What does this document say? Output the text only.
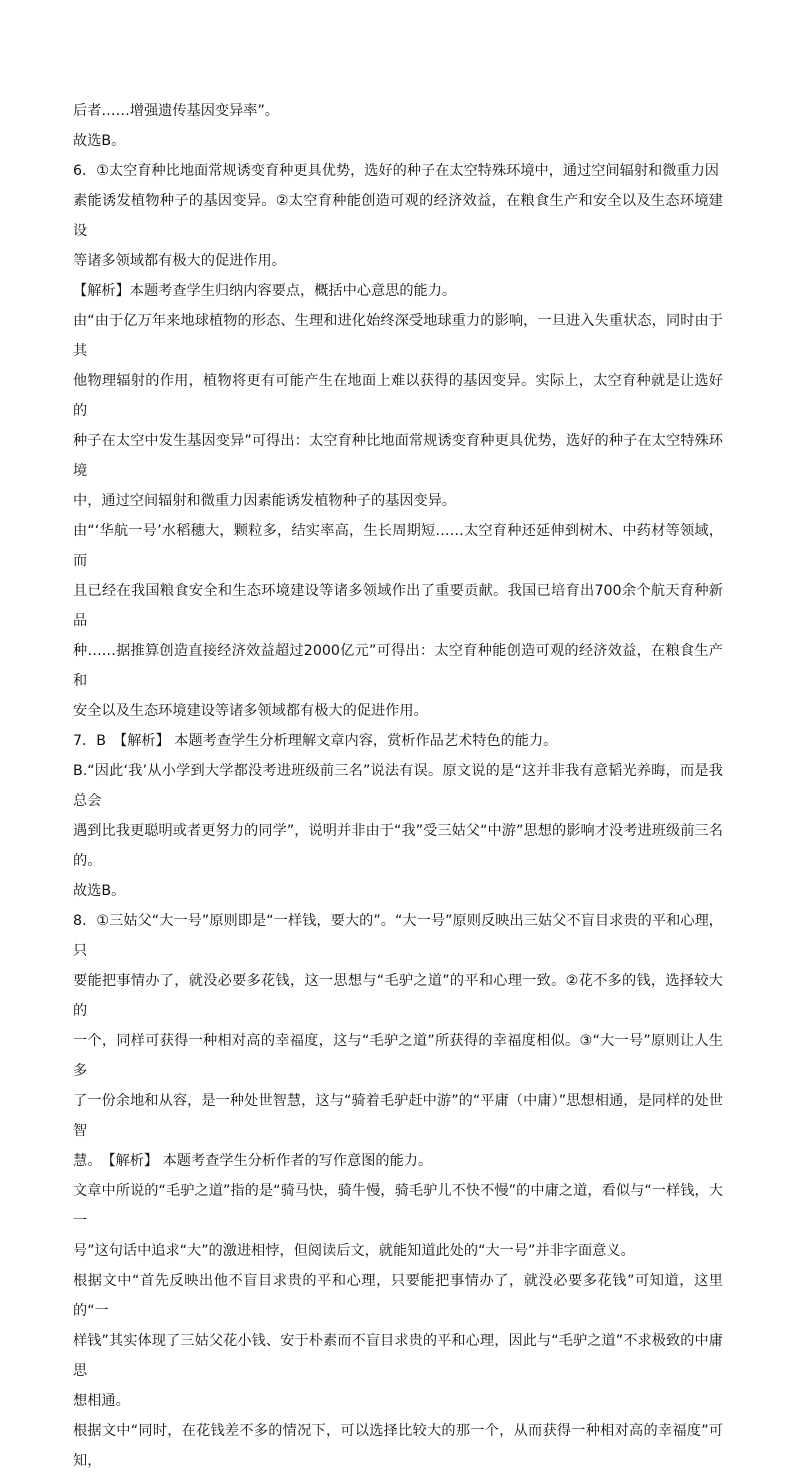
后者……增强遗传基因变异率”。

故选B。

6．①太空育种比地面常规诱变育种更具优势，选好的种子在太空特殊环境中，通过空间辐射和微重力因

素能诱发植物种子的基因变异。②太空育种能创造可观的经济效益，在粮食生产和安全以及生态环境建设

等诸多领域都有极大的促进作用。

【解析】本题考查学生归纳内容要点，概括中心意思的能力。

由“由于亿万年来地球植物的形态、生理和进化始终深受地球重力的影响，一旦进入失重状态，同时由于其

他物理辐射的作用，植物将更有可能产生在地面上难以获得的基因变异。实际上，太空育种就是让选好的

种子在太空中发生基因变异”可得出：太空育种比地面常规诱变育种更具优势，选好的种子在太空特殊环境

中，通过空间辐射和微重力因素能诱发植物种子的基因变异。

由“‘华航一号’水稻穗大，颗粒多，结实率高，生长周期短……太空育种还延伸到树木、中药材等领域，而

且已经在我国粮食安全和生态环境建设等诸多领域作出了重要贡献。我国已培育出700余个航天育种新品

种……据推算创造直接经济效益超过2000亿元”可得出：太空育种能创造可观的经济效益，在粮食生产和

安全以及生态环境建设等诸多领域都有极大的促进作用。

7．B　【解析】 本题考查学生分析理解文章内容，赏析作品艺术特色的能力。

B.“因此‘我’从小学到大学都没考进班级前三名”说法有误。原文说的是“这并非我有意韬光养晦，而是我总会

遇到比我更聪明或者更努力的同学”，说明并非由于“我”受三姑父“中游”思想的影响才没考进班级前三名的。

故选B。

8．①三姑父“大一号”原则即是“一样钱，要大的”。“大一号”原则反映出三姑父不盲目求贵的平和心理，只

要能把事情办了，就没必要多花钱，这一思想与“毛驴之道”的平和心理一致。②花不多的钱，选择较大的

一个，同样可获得一种相对高的幸福度，这与“毛驴之道”所获得的幸福度相似。③“大一号”原则让人生多

了一份余地和从容，是一种处世智慧，这与“骑着毛驴赶中游”的“平庸（中庸）”思想相通，是同样的处世智

慧。　【解析】 本题考查学生分析作者的写作意图的能力。

文章中所说的“毛驴之道”指的是“骑马快，骑牛慢，骑毛驴儿不快不慢”的中庸之道，看似与“一样钱，大一

号”这句话中追求“大”的激进相悖，但阅读后文，就能知道此处的“大一号”并非字面意义。

根据文中“首先反映出他不盲目求贵的平和心理，只要能把事情办了，就没必要多花钱”可知道，这里的“一

样钱”其实体现了三姑父花小钱、安于朴素而不盲目求贵的平和心理，因此与“毛驴之道”不求极致的中庸思

想相通。

根据文中“同时，在花钱差不多的情况下，可以选择比较大的那一个，从而获得一种相对高的幸福度”可知，
